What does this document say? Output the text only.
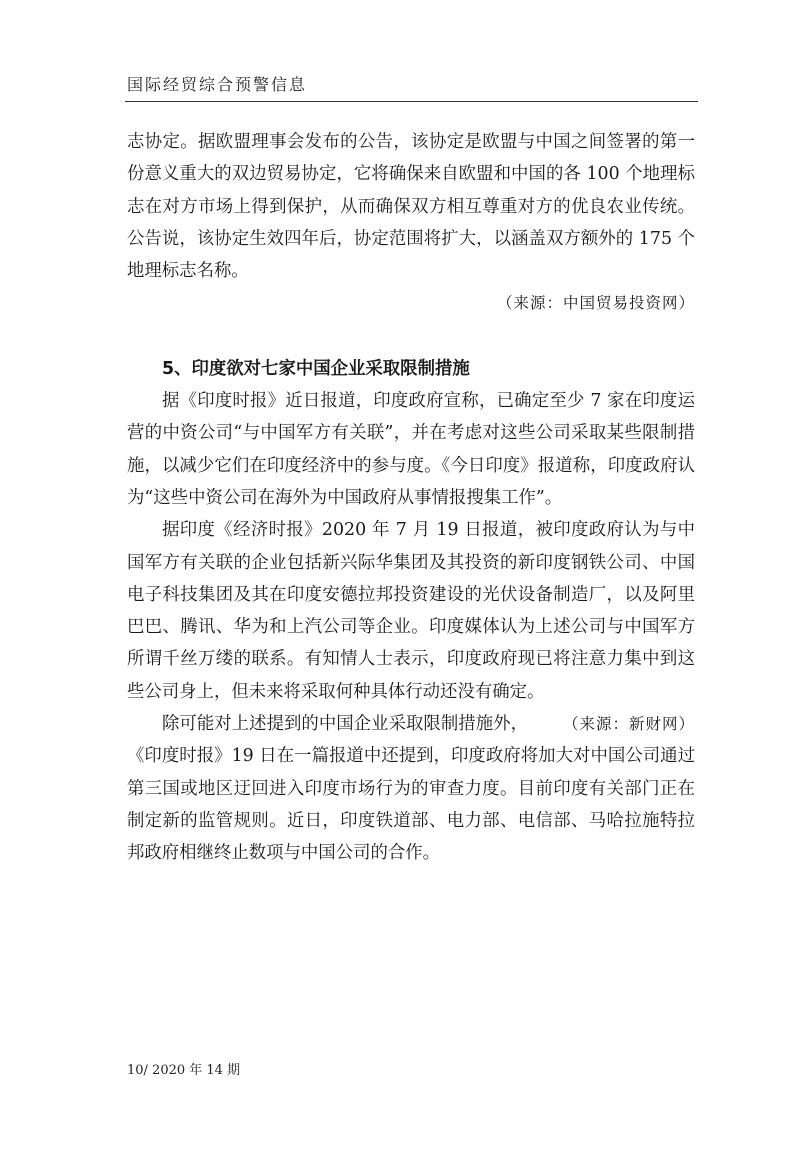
国际经贸综合预警信息

志协定。据欧盟理事会发布的公告，该协定是欧盟与中国之间签署的第一份意义重大的双边贸易协定，它将确保来自欧盟和中国的各 100 个地理标志在对方市场上得到保护，从而确保双方相互尊重对方的优良农业传统。公告说，该协定生效四年后，协定范围将扩大，以涵盖双方额外的 175 个地理标志名称。

（来源：中国贸易投资网）

5、印度欲对七家中国企业采取限制措施

据《印度时报》近日报道，印度政府宣称，已确定至少 7 家在印度运营的中资公司“与中国军方有关联”，并在考虑对这些公司采取某些限制措施，以减少它们在印度经济中的参与度。《今日印度》报道称，印度政府认为“这些中资公司在海外为中国政府从事情报搜集工作”。

据印度《经济时报》2020 年 7 月 19 日报道，被印度政府认为与中国军方有关联的企业包括新兴际华集团及其投资的新印度钢铁公司、中国电子科技集团及其在印度安德拉邦投资建设的光伏设备制造厂，以及阿里巴巴、腾讯、华为和上汽公司等企业。印度媒体认为上述公司与中国军方所谓千丝万缕的联系。有知情人士表示，印度政府现已将注意力集中到这些公司身上，但未来将采取何种具体行动还没有确定。

（来源：新财网）
除可能对上述提到的中国企业采取限制措施外，《印度时报》19 日在一篇报道中还提到，印度政府将加大对中国公司通过第三国或地区迂回进入印度市场行为的审查力度。目前印度有关部门正在制定新的监管规则。近日，印度铁道部、电力部、电信部、马哈拉施特拉邦政府相继终止数项与中国公司的合作。

10/ 2020 年 14 期
